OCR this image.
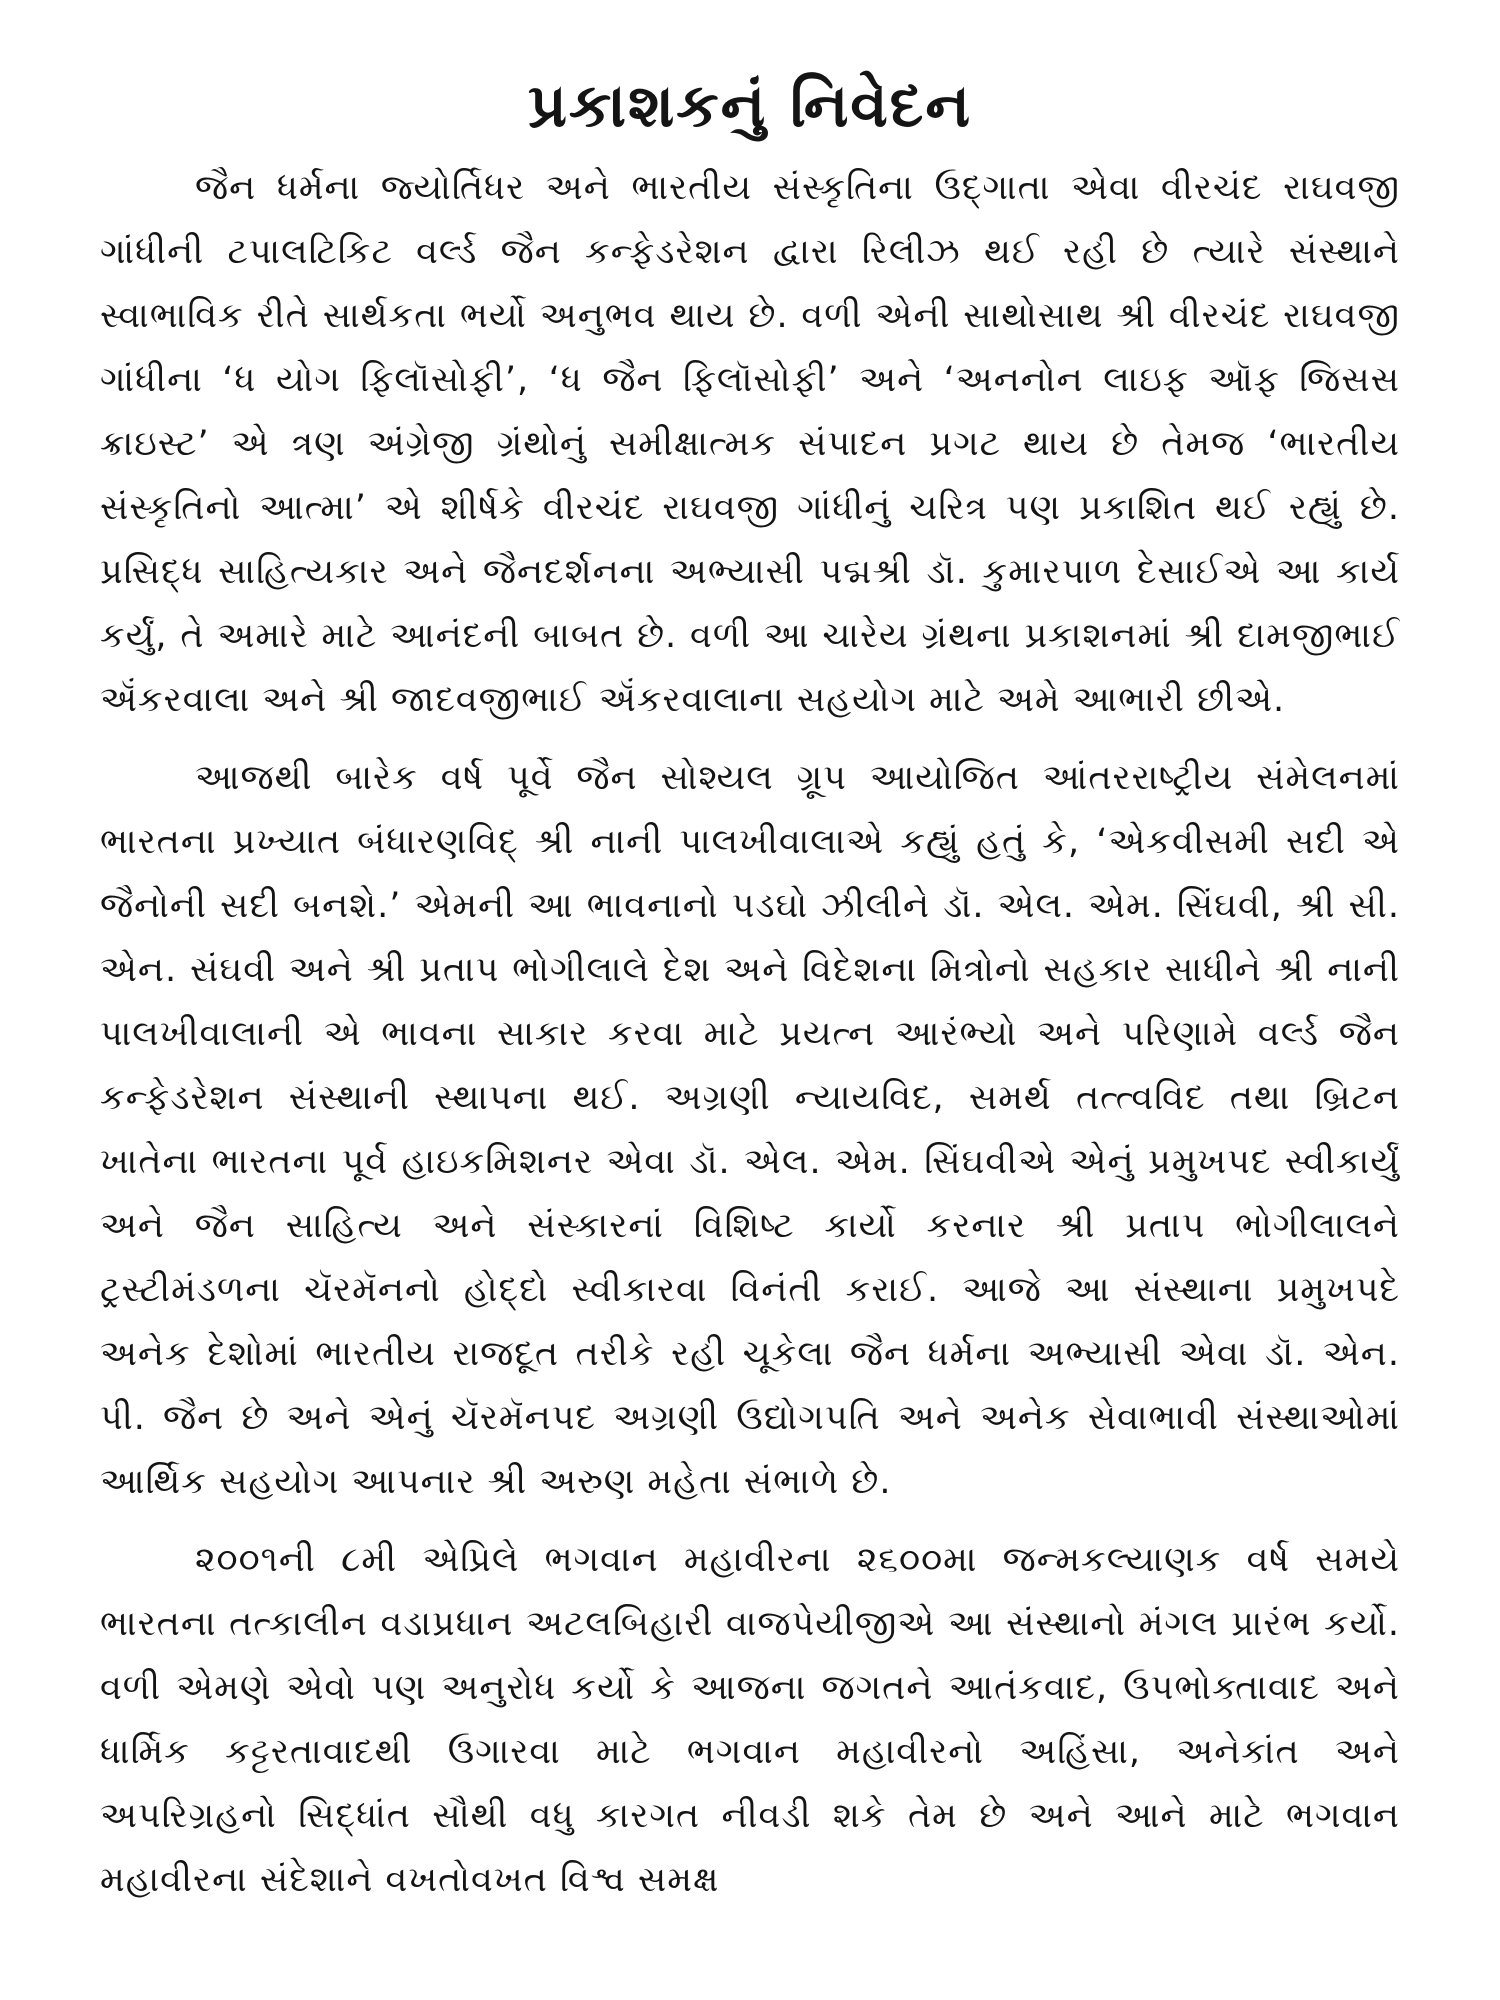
પ્રકાશકનું નિવેદન

જૈન ધર્મના જ્યોર્તિધર અને ભારતીય સંસ્કૃતિના ઉદ્‌ગાતા એવા વીરચંદ રાઘવજી ગાંધીની ટપાલટિકિટ વર્લ્ડ જૈન કન્ફેડરેશન દ્વારા રિલીઝ થઈ રહી છે ત્યારે સંસ્થાને સ્વાભાવિક રીતે સાર્થકતા ભર્યો અનુભવ થાય છે. વળી એની સાથોસાથ શ્રી વીરચંદ રાઘવજી ગાંધીના ‘ધ યોગ ફિલૉસોફી’, ‘ધ જૈન ફિલૉસોફી’ અને ‘અનનોન લાઇફ ઑફ જિસસ ક્રાઇસ્ટ’ એ ત્રણ અંગ્રેજી ગ્રંથોનું સમીક્ષાત્મક સંપાદન પ્રગટ થાય છે તેમજ ‘ભારતીય સંસ્કૃતિનો આત્મા’ એ શીર્ષકે વીરચંદ રાઘવજી ગાંધીનું ચરિત્ર પણ પ્રકાશિત થઈ રહ્યું છે. પ્રસિદ્ધ સાહિત્યકાર અને જૈનદર્શનના અભ્યાસી પદ્મશ્રી ડૉ. કુમારપાળ દેસાઈએ આ કાર્ય કર્યું, તે અમારે માટે આનંદની બાબત છે. વળી આ ચારેય ગ્રંથના પ્રકાશનમાં શ્રી દામજીભાઈ ઍંકરવાલા અને શ્રી જાદવજીભાઈ ઍંકરવાલાના સહયોગ માટે અમે આભારી છીએ.

આજથી બારેક વર્ષ પૂર્વે જૈન સોશ્યલ ગ્રૂપ આયોજિત આંતરરાષ્ટ્રીય સંમેલનમાં ભારતના પ્રખ્યાત બંધારણવિદ્ શ્રી નાની પાલખીવાલાએ કહ્યું હતું કે, ‘એકવીસમી સદી એ જૈનોની સદી બનશે.’ એમની આ ભાવનાનો પડઘો ઝીલીને ડૉ. એલ. એમ. સિંઘવી, શ્રી સી. એન. સંઘવી અને શ્રી પ્રતાપ ભોગીલાલે દેશ અને વિદેશના મિત્રોનો સહકાર સાધીને શ્રી નાની પાલખીવાલાની એ ભાવના સાકાર કરવા માટે પ્રયત્ન આરંભ્યો અને પરિણામે વર્લ્ડ જૈન કન્ફેડરેશન સંસ્થાની સ્થાપના થઈ. અગ્રણી ન્યાયવિદ, સમર્થ તત્ત્વવિદ તથા બ્રિટન ખાતેના ભારતના પૂર્વ હાઇકમિશનર એવા ડૉ. એલ. એમ. સિંઘવીએ એનું પ્રમુખપદ સ્વીકાર્યું અને જૈન સાહિત્ય અને સંસ્કારનાં વિશિષ્ટ કાર્યો કરનાર શ્રી પ્રતાપ ભોગીલાલને ટ્રસ્ટીમંડળના ચૅરમૅનનો હોદ્દો સ્વીકારવા વિનંતી કરાઈ. આજે આ સંસ્થાના પ્રમુખપદે અનેક દેશોમાં ભારતીય રાજદૂત તરીકે રહી ચૂકેલા જૈન ધર્મના અભ્યાસી એવા ડૉ. એન. પી. જૈન છે અને એનું ચૅરમૅનપદ અગ્રણી ઉદ્યોગપતિ અને અનેક સેવાભાવી સંસ્થાઓમાં આર્થિક સહયોગ આપનાર શ્રી અરુણ મહેતા સંભાળે છે.

૨૦૦૧ની ૮મી એપ્રિલે ભગવાન મહાવીરના ૨૬૦૦મા જન્મકલ્યાણક વર્ષ સમયે ભારતના તત્કાલીન વડાપ્રધાન અટલબિહારી વાજપેયીજીએ આ સંસ્થાનો મંગલ પ્રારંભ કર્યો. વળી એમણે એવો પણ અનુરોધ કર્યો કે આજના જગતને આતંકવાદ, ઉપભોક્તાવાદ અને ધાર્મિક કટ્ટરતાવાદથી ઉગારવા માટે ભગવાન મહાવીરનો અહિંસા, અનેકાંત અને અપરિગ્રહનો સિદ્ધાંત સૌથી વધુ કારગત નીવડી શકે તેમ છે અને આને માટે ભગવાન મહાવીરના સંદેશાને વખતોવખત વિશ્વ સમક્ષ
